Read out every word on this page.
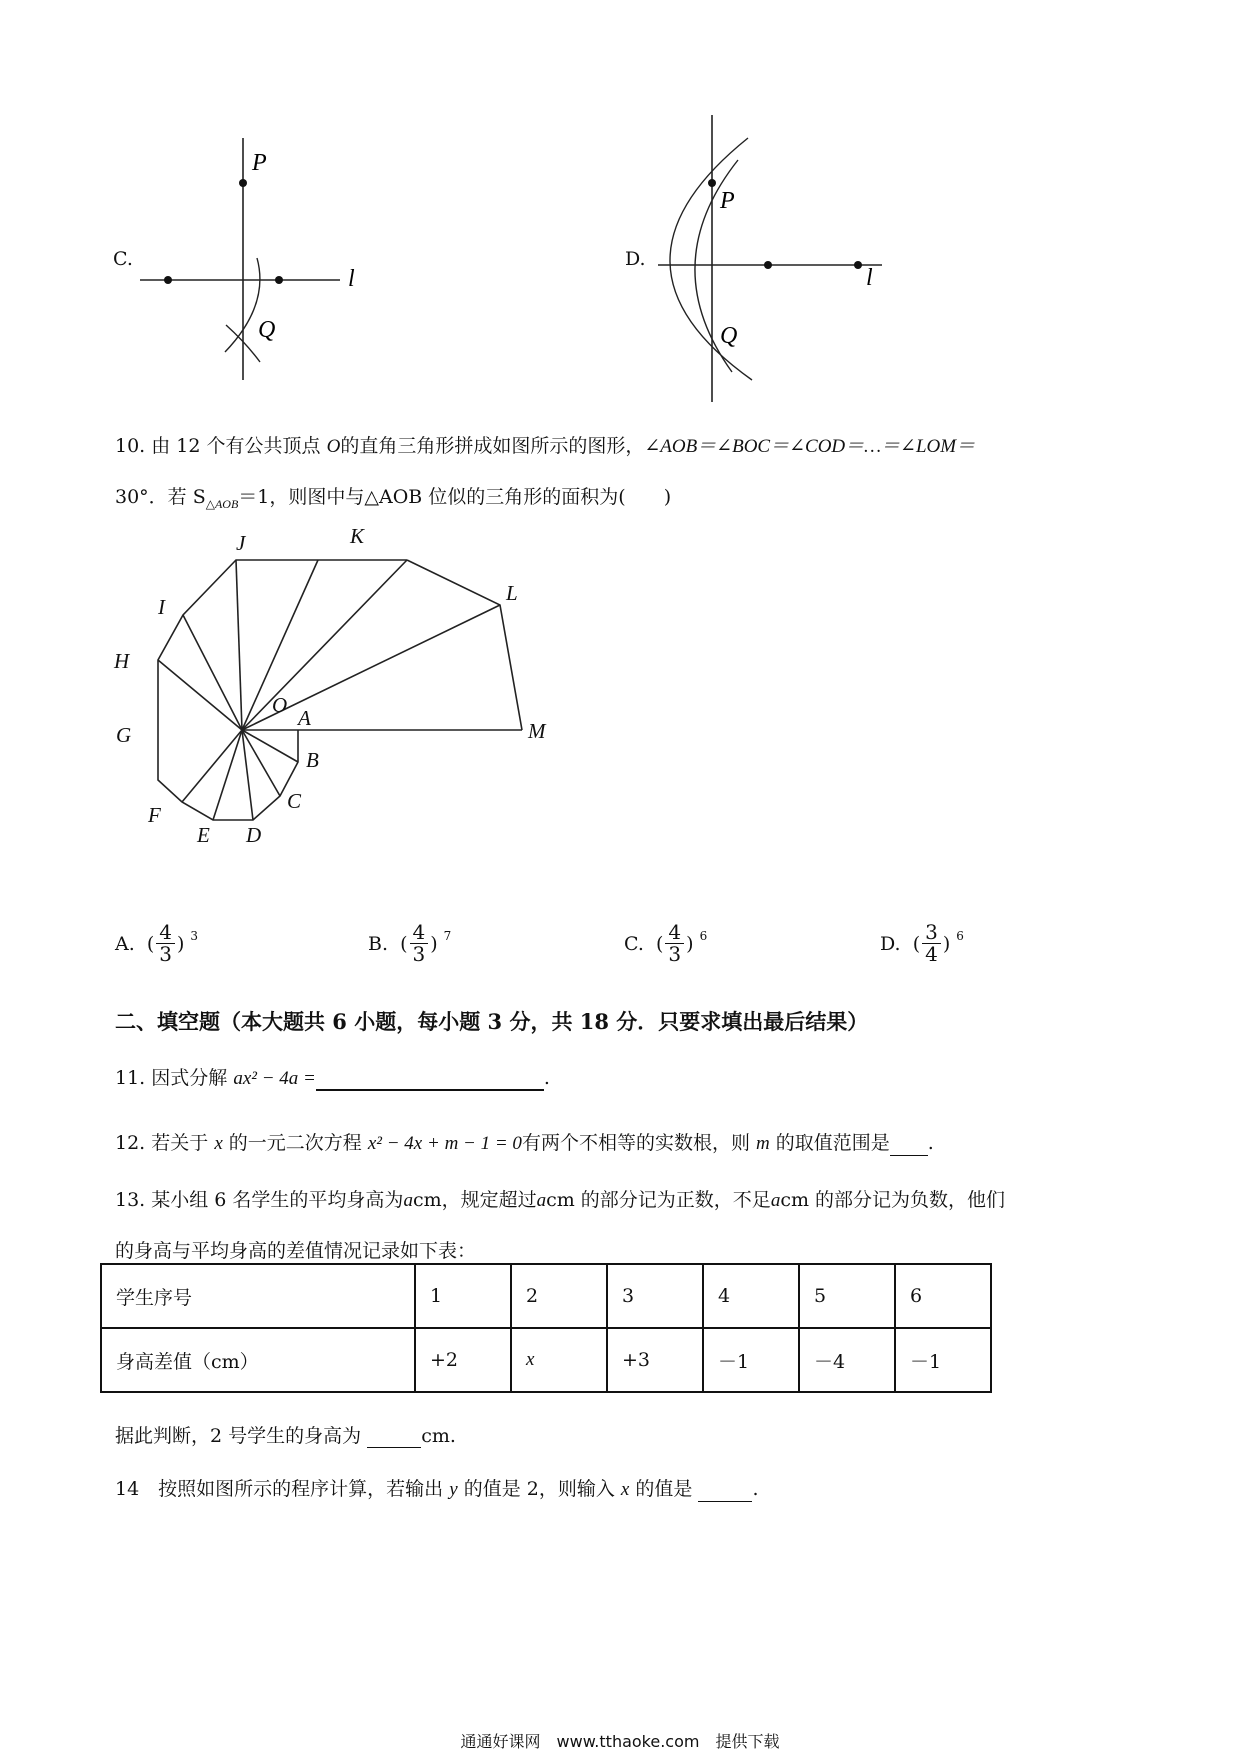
C.
P
Q
l
D.
P
Q
l
10. 由 12 个有公共顶点 O的直角三角形拼成如图所示的图形，∠AOB＝∠BOC＝∠COD＝…＝∠LOM＝
30°．若 $S_{\triangle AOB}=1$，则图中与△AOB 位似的三角形的面积为(　　)
A
B
C
D
E
F
G
H
I
J	K
L
M
O
A. ( $\frac{4}{3}$ ) $^3$	B. ( $\frac{4}{3}$ ) $^7$	C. ( $\frac{4}{3}$ ) $^6$	D. ( $\frac{3}{4}$ ) $^6$
二、填空题（本大题共 6 小题，每小题 3 分，共 18 分．只要求填出最后结果）
11. 因式分解 ax² − 4a =	.
12. 若关于 x 的一元二次方程 x² − 4x + m − 1 = 0有两个不相等的实数根，则 m 的取值范围是 .
13. 某小组 6 名学生的平均身高为acm，规定超过acm 的部分记为正数，不足acm 的部分记为负数，他们
的身高与平均身高的差值情况记录如下表：
学生序号	1	2	3	4	5	6
身高差值（cm）	+2	x	+3	－1	－4	－1
据此判断，2 号学生的身高为	cm.
14　按照如图所示的程序计算，若输出 y 的值是 2，则输入 x 的值是	.
通通好课网　www.tthaoke.com　提供下载
